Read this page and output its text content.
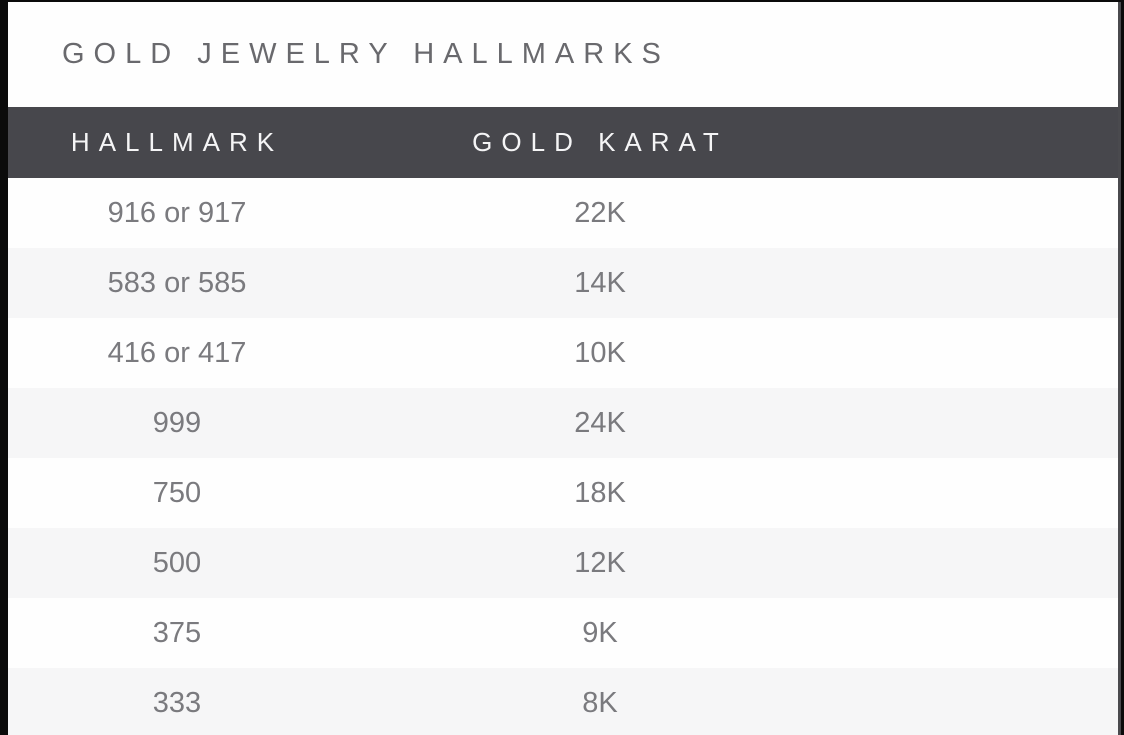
GOLD JEWELRY HALLMARKS
HALLMARK	GOLD KARAT	
916 or 917	22K	
583 or 585	14K	
416 or 417	10K	
999	24K	
750	18K	
500	12K	
375	9K	
333	8K	
